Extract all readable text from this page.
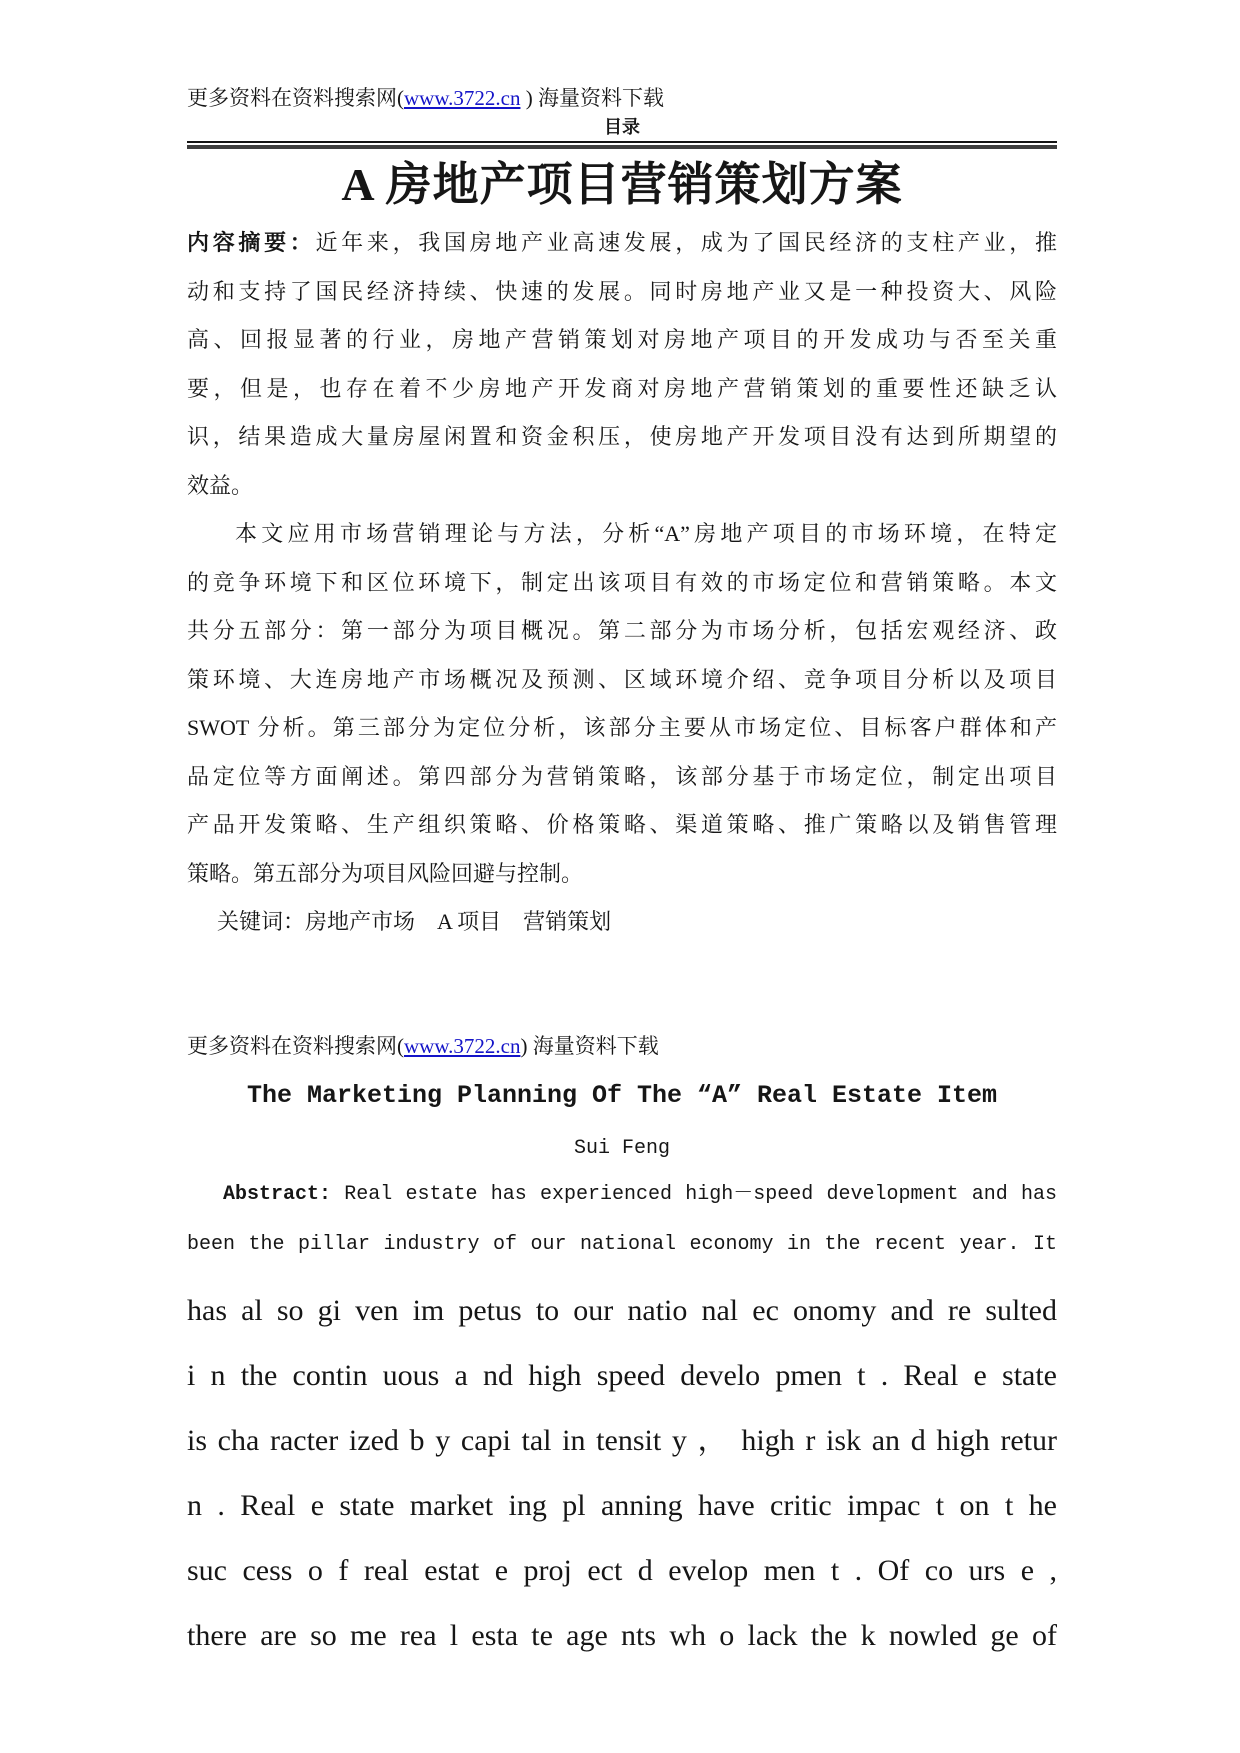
更多资料在资料搜索网(www.3722.cn ) 海量资料下载

目录

A 房地产项目营销策划方案
内容摘要：近年来，我国房地产业高速发展，成为了国民经济的支柱产业，推
动和支持了国民经济持续、快速的发展。同时房地产业又是一种投资大、风险
高、回报显著的行业，房地产营销策划对房地产项目的开发成功与否至关重
要，但是，也存在着不少房地产开发商对房地产营销策划的重要性还缺乏认
识，结果造成大量房屋闲置和资金积压，使房地产开发项目没有达到所期望的
效益。
本文应用市场营销理论与方法，分析“A”房地产项目的市场环境，在特定
的竞争环境下和区位环境下，制定出该项目有效的市场定位和营销策略。本文
共分五部分：第一部分为项目概况。第二部分为市场分析，包括宏观经济、政
策环境、大连房地产市场概况及预测、区域环境介绍、竞争项目分析以及项目
SWOT 分析。第三部分为定位分析，该部分主要从市场定位、目标客户群体和产
品定位等方面阐述。第四部分为营销策略，该部分基于市场定位，制定出项目
产品开发策略、生产组织策略、价格策略、渠道策略、推广策略以及销售管理
策略。第五部分为项目风险回避与控制。

关键词：房地产市场　A 项目　营销策划

更多资料在资料搜索网(www.3722.cn) 海量资料下载

The Marketing Planning Of The “A” Real Estate Item

Sui Feng

Abstract: Real estate has experienced high－speed development and has
been the pillar industry of our national economy in the recent year. It
has al so gi ven im petus to our natio nal ec onomy and re sulted
i n the contin uous a nd high speed develo pmen t . Real e state
is cha racter ized b y capi tal in tensit y ， high r isk an d high retur
n . Real e state market ing pl anning have critic impac t on t he
suc cess o f real estat e proj ect d evelop men t . Of co urs e ,
there are so me rea l esta te age nts wh o lack the k nowled ge of
